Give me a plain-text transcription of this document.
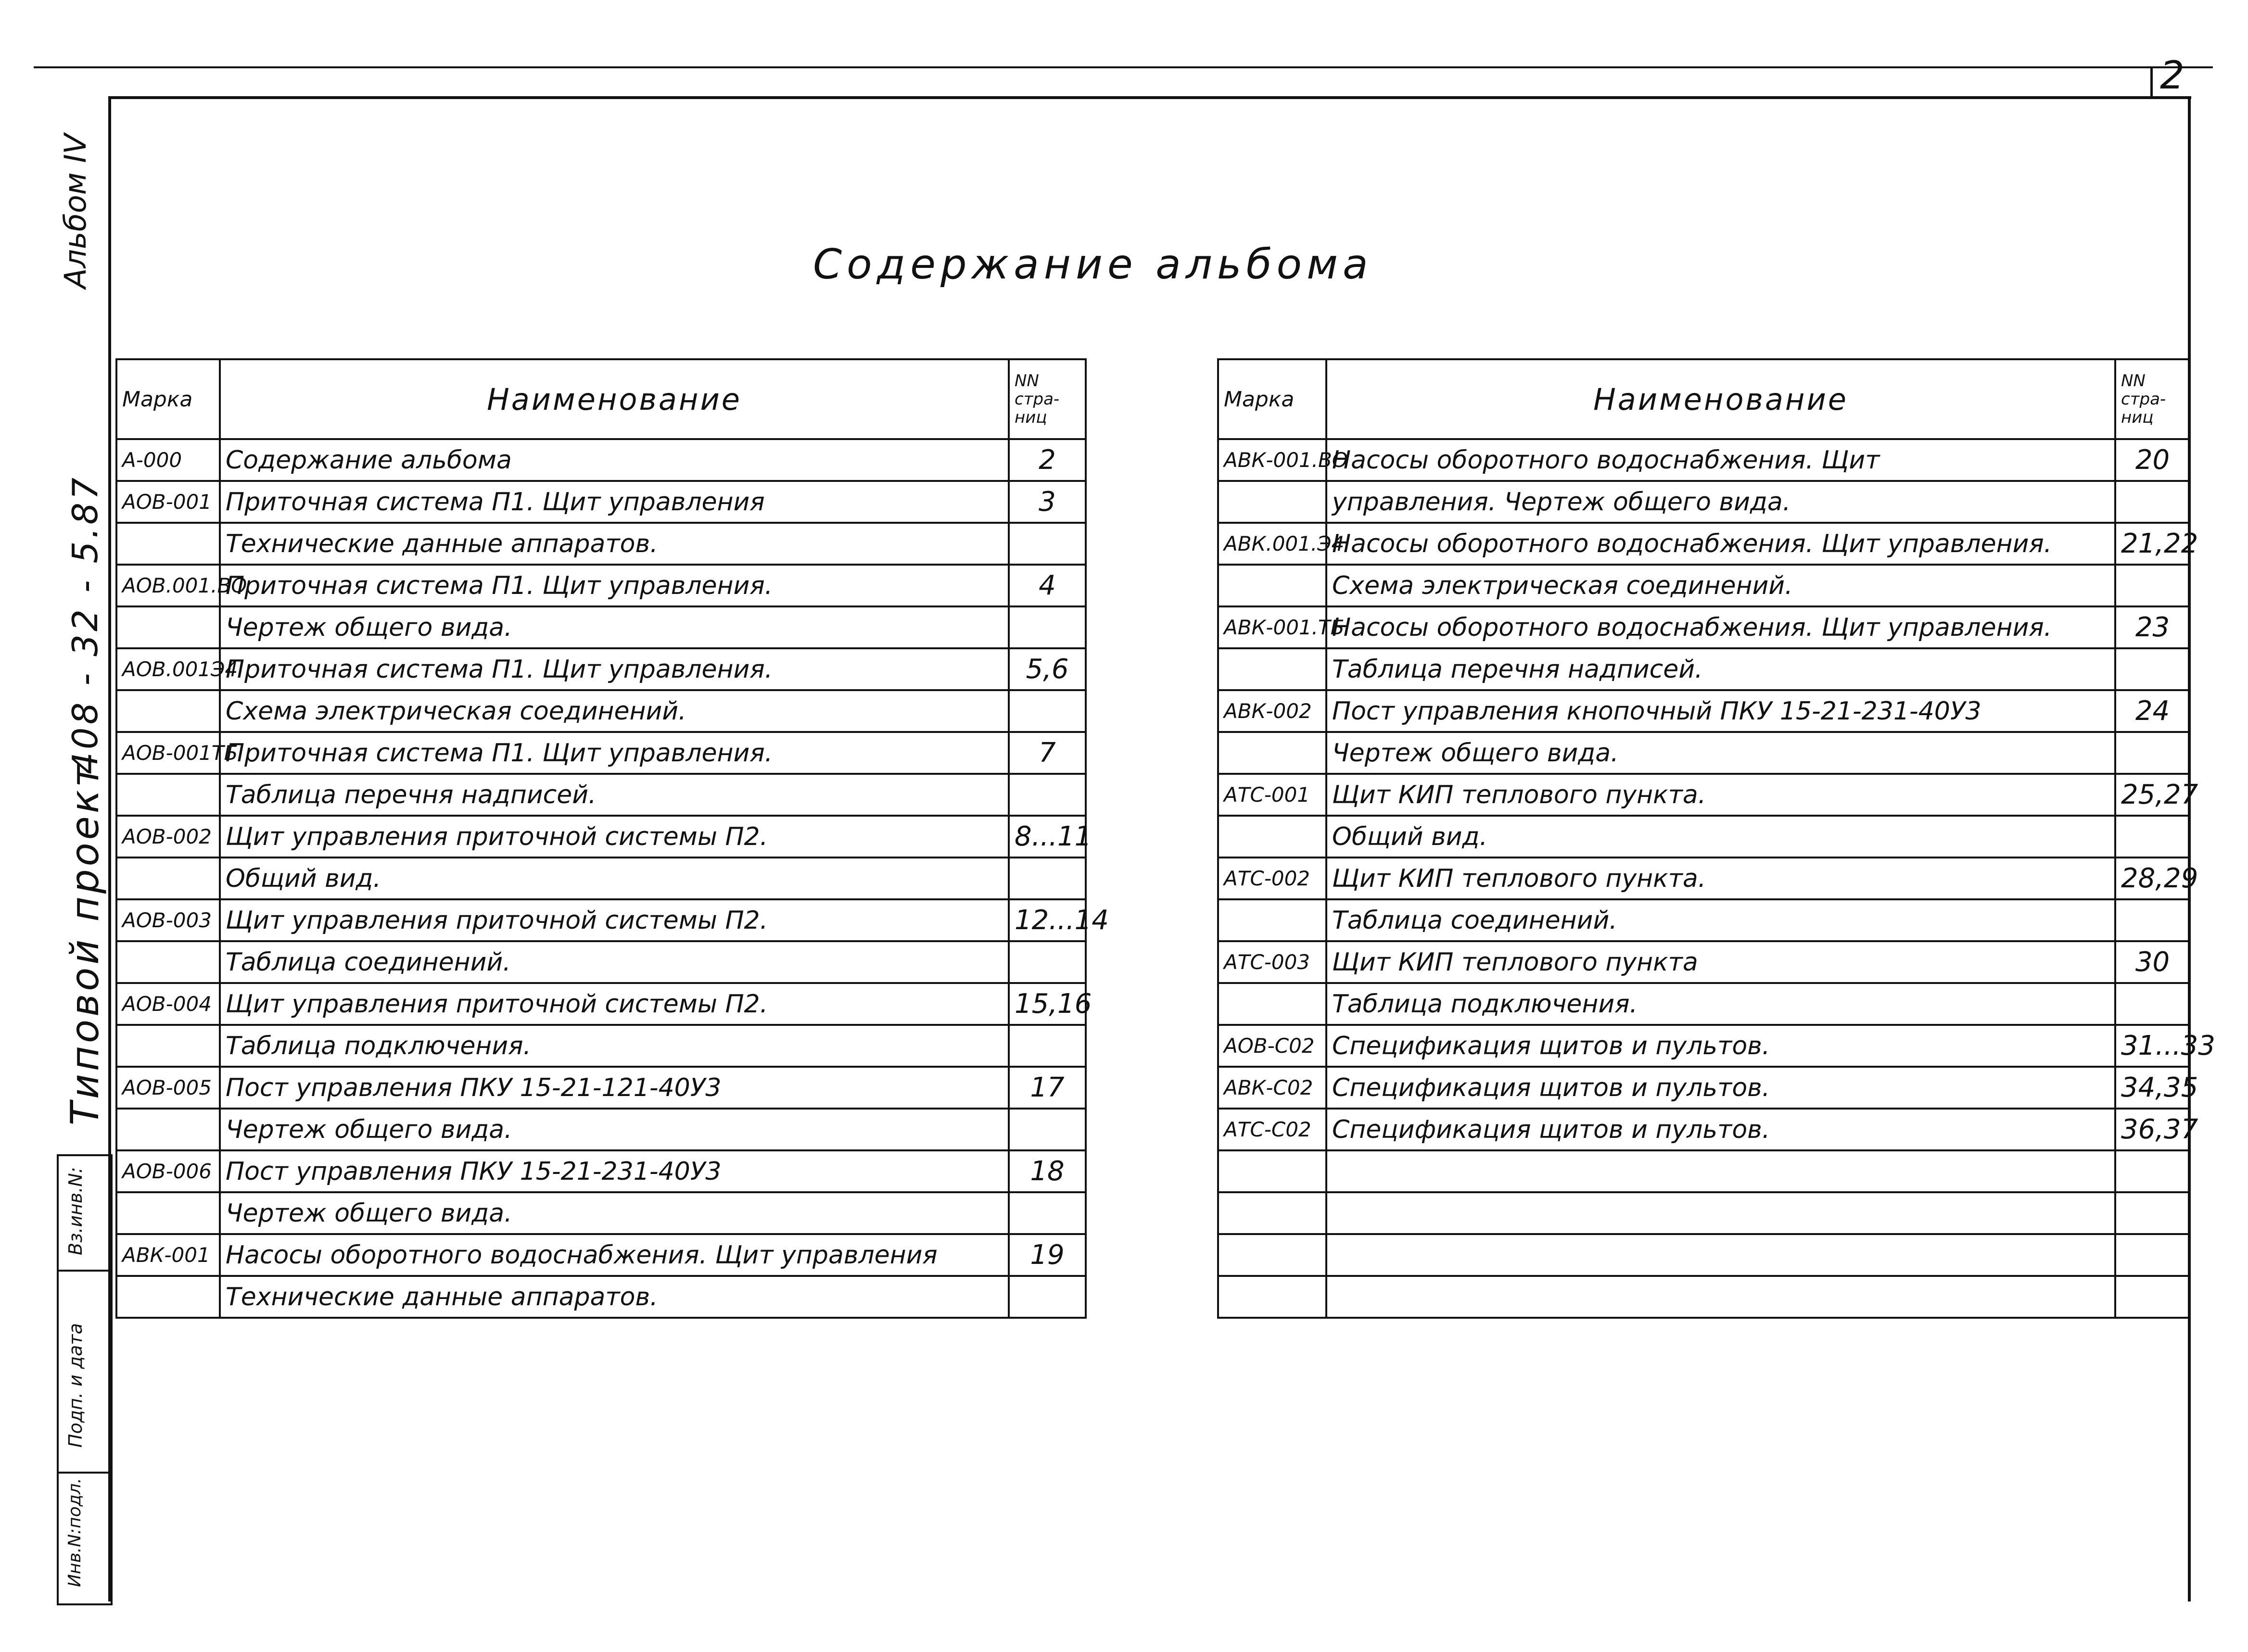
2
Содержание альбома
Альбом IV
408 - 32 - 5.87
Типовой проект
Вз.инв.N:
Подп. и дата
Инв.N:подл.
Марка	Наименование	NN
стра-
ниц

А-000	Содержание альбома	2
АОВ-001	Приточная система П1. Щит управления	3
	Технические данные аппаратов.	
АОВ.001.ВО	Приточная система П1. Щит управления.	4
	Чертеж общего вида.	
АОВ.001Э4	Приточная система П1. Щит управления.	5,6
	Схема электрическая соединений.	
АОВ-001ТБ	Приточная система П1. Щит управления.	7
	Таблица перечня надписей.	
АОВ-002	Щит управления приточной системы П2.	8...11
	Общий вид.	
АОВ-003	Щит управления приточной системы П2.	12...14
	Таблица соединений.	
АОВ-004	Щит управления приточной системы П2.	15,16
	Таблица подключения.	
АОВ-005	Пост управления ПКУ 15-21-121-40У3	17
	Чертеж общего вида.	
АОВ-006	Пост управления ПКУ 15-21-231-40У3	18
	Чертеж общего вида.	
АВК-001	Насосы оборотного водоснабжения. Щит управления	19
	Технические данные аппаратов.	
Марка	Наименование	NN
стра-
ниц

АВК-001.ВО	Насосы оборотного водоснабжения. Щит	20
	управления. Чертеж общего вида.	
АВК.001.Э4	Насосы оборотного водоснабжения. Щит управления.	21,22
	Схема электрическая соединений.	
АВК-001.ТБ	Насосы оборотного водоснабжения. Щит управления.	23
	Таблица перечня надписей.	
АВК-002	Пост управления кнопочный ПКУ 15-21-231-40У3	24
	Чертеж общего вида.	
АТС-001	Щит КИП теплового пункта.	25,27
	Общий вид.	
АТС-002	Щит КИП теплового пункта.	28,29
	Таблица соединений.	
АТС-003	Щит КИП теплового пункта	30
	Таблица подключения.	
АОВ-С02	Спецификация щитов и пультов.	31...33
АВК-С02	Спецификация щитов и пультов.	34,35
АТС-С02	Спецификация щитов и пультов.	36,37
